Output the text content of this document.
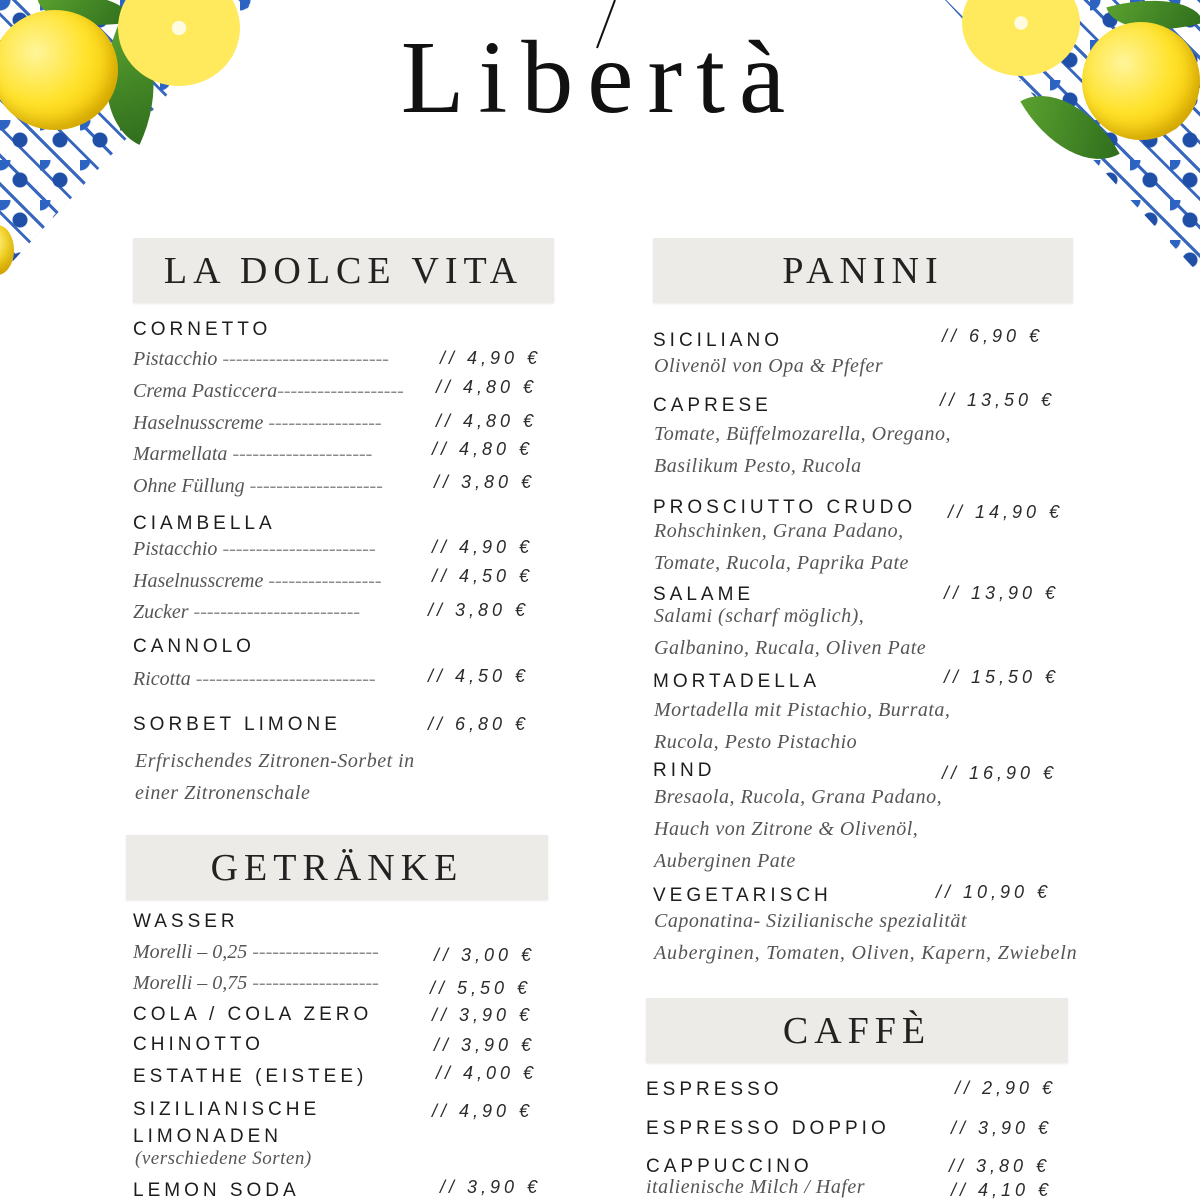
Libertà
LA DOLCE VITA
CORNETTO
Pistacchio -------------------------	// 4,90 €
Crema Pasticcera------------------- // 4,80 €
Haselnusscreme -----------------	// 4,80 €
Marmellata ---------------------	// 4,80 €
Ohne Füllung --------------------	// 3,80 €
CIAMBELLA
Pistacchio -----------------------	// 4,90 €
Haselnusscreme -----------------	// 4,50 €
Zucker -------------------------	// 3,80 €
CANNOLO
Ricotta ---------------------------	// 4,50 €
SORBET LIMONE	// 6,80 €
Erfrischendes Zitronen-Sorbet in
einer Zitronenschale
GETRÄNKE
WASSER
Morelli – 0,25 -------------------	// 3,00 €
Morelli – 0,75 -------------------	// 5,50 €
COLA / COLA ZERO	// 3,90 €
CHINOTTO	// 3,90 €
ESTATHE (EISTEE)	// 4,00 €
SIZILIANISCHE	// 4,90 €
LIMONADEN
(verschiedene Sorten)
LEMON SODA	// 3,90 €
PANINI
SICILIANO	// 6,90 €
Olivenöl von Opa & Pfefer
CAPRESE	// 13,50 €
Tomate, Büffelmozarella, Oregano,
Basilikum Pesto, Rucola
PROSCIUTTO CRUDO // 14,90 €
Rohschinken, Grana Padano,
Tomate, Rucola, Paprika Pate
SALAME	// 13,90 €
Salami (scharf möglich),
Galbanino, Rucala, Oliven Pate
MORTADELLA	// 15,50 €
Mortadella mit Pistachio, Burrata,
Rucola, Pesto Pistachio
RIND	// 16,90 €
Bresaola, Rucola, Grana Padano,
Hauch von Zitrone & Olivenöl,
Auberginen Pate
VEGETARISCH	// 10,90 €
Caponatina- Sizilianische spezialität
Auberginen, Tomaten, Oliven, Kapern, Zwiebeln
CAFFÈ
ESPRESSO	// 2,90 €
ESPRESSO DOPPIO	// 3,90 €
CAPPUCCINO	// 3,80 €
italienische Milch / Hafer	// 4,10 €
